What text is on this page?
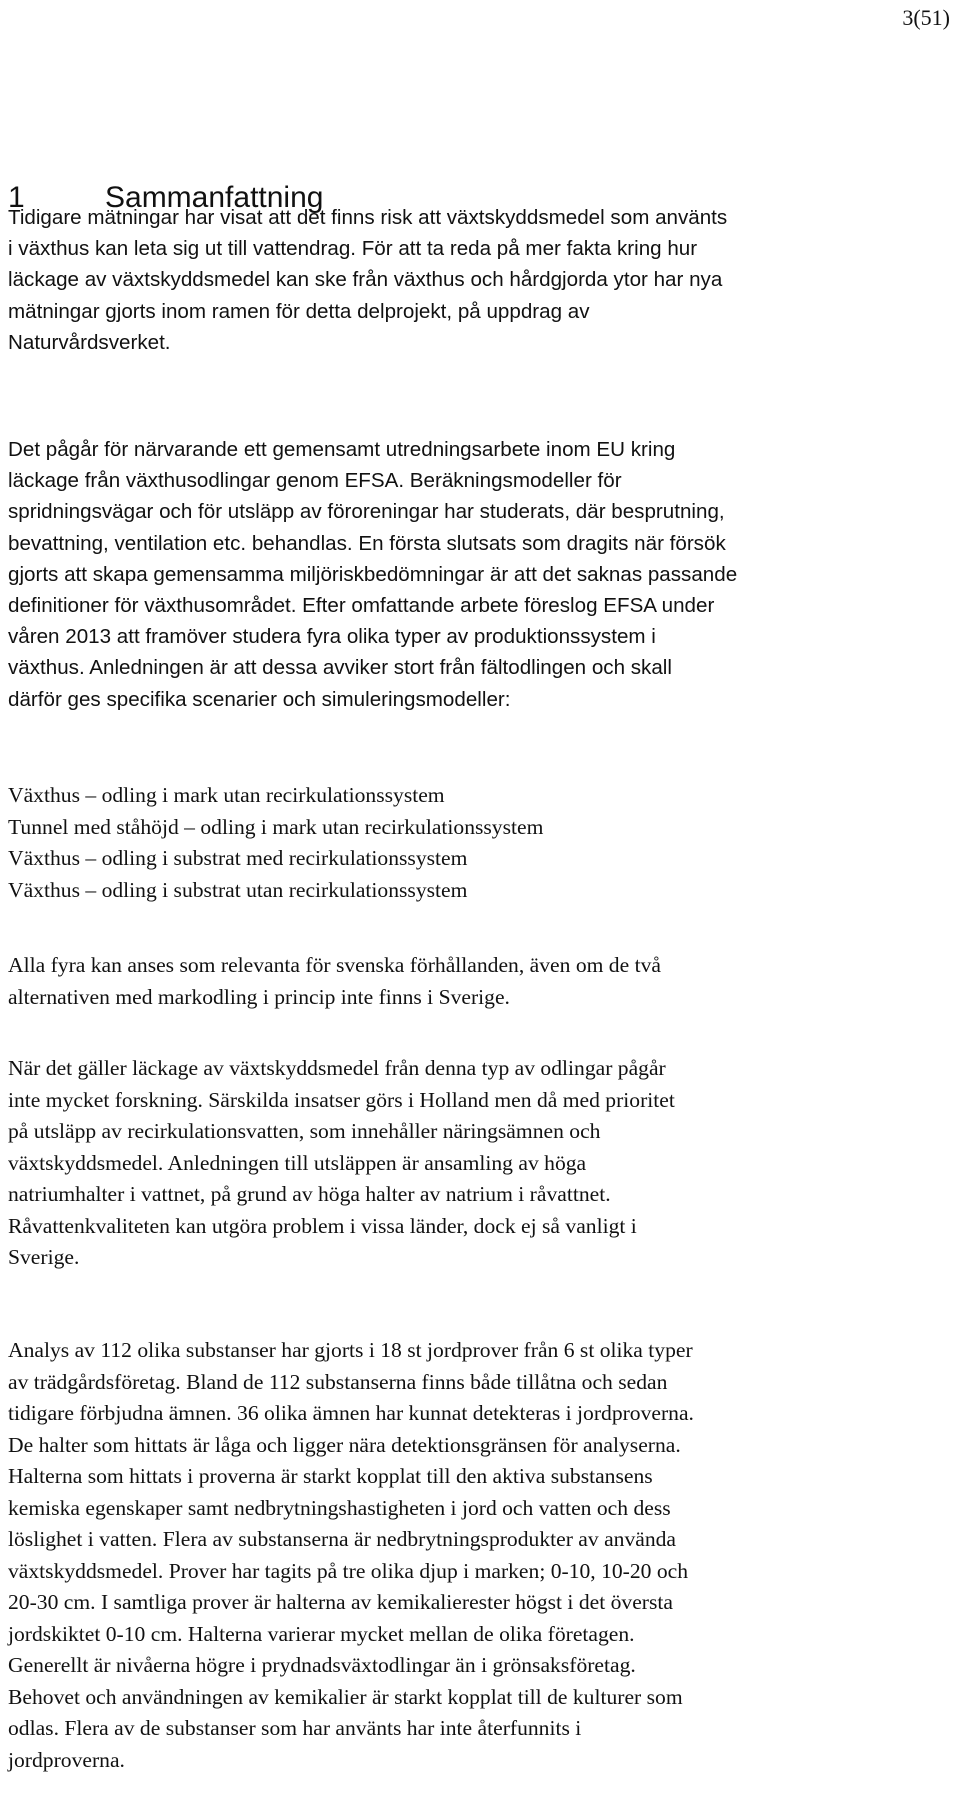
3(51)
1	Sammanfattning
Tidigare mätningar har visat att det finns risk att växtskyddsmedel som använts
i växthus kan leta sig ut till vattendrag. För att ta reda på mer fakta kring hur
läckage av växtskyddsmedel kan ske från växthus och hårdgjorda ytor har nya
mätningar gjorts inom ramen för detta delprojekt, på uppdrag av
Naturvårdsverket.
Det pågår för närvarande ett gemensamt utredningsarbete inom EU kring
läckage från växthusodlingar genom EFSA. Beräkningsmodeller för
spridningsvägar och för utsläpp av föroreningar har studerats, där besprutning,
bevattning, ventilation etc. behandlas. En första slutsats som dragits när försök
gjorts att skapa gemensamma miljöriskbedömningar är att det saknas passande
definitioner för växthusområdet. Efter omfattande arbete föreslog EFSA under
våren 2013 att framöver studera fyra olika typer av produktionssystem i
växthus. Anledningen är att dessa avviker stort från fältodlingen och skall
därför ges specifika scenarier och simuleringsmodeller:
Växthus – odling i mark utan recirkulationssystem
Tunnel med ståhöjd – odling i mark utan recirkulationssystem
Växthus – odling i substrat med recirkulationssystem
Växthus – odling i substrat utan recirkulationssystem
Alla fyra kan anses som relevanta för svenska förhållanden, även om de två
alternativen med markodling i princip inte finns i Sverige.
När det gäller läckage av växtskyddsmedel från denna typ av odlingar pågår
inte mycket forskning. Särskilda insatser görs i Holland men då med prioritet
på utsläpp av recirkulationsvatten, som innehåller näringsämnen och
växtskyddsmedel. Anledningen till utsläppen är ansamling av höga
natriumhalter i vattnet, på grund av höga halter av natrium i råvattnet.
Råvattenkvaliteten kan utgöra problem i vissa länder, dock ej så vanligt i
Sverige.
Analys av 112 olika substanser har gjorts i 18 st jordprover från 6 st olika typer
av trädgårdsföretag. Bland de 112 substanserna finns både tillåtna och sedan
tidigare förbjudna ämnen. 36 olika ämnen har kunnat detekteras i jordproverna.
De halter som hittats är låga och ligger nära detektionsgränsen för analyserna.
Halterna som hittats i proverna är starkt kopplat till den aktiva substansens
kemiska egenskaper samt nedbrytningshastigheten i jord och vatten och dess
löslighet i vatten. Flera av substanserna är nedbrytningsprodukter av använda
växtskyddsmedel. Prover har tagits på tre olika djup i marken; 0-10, 10-20 och
20-30 cm. I samtliga prover är halterna av kemikalierester högst i det översta
jordskiktet 0-10 cm. Halterna varierar mycket mellan de olika företagen.
Generellt är nivåerna högre i prydnadsväxtodlingar än i grönsaksföretag.
Behovet och användningen av kemikalier är starkt kopplat till de kulturer som
odlas. Flera av de substanser som har använts har inte återfunnits i
jordproverna.
